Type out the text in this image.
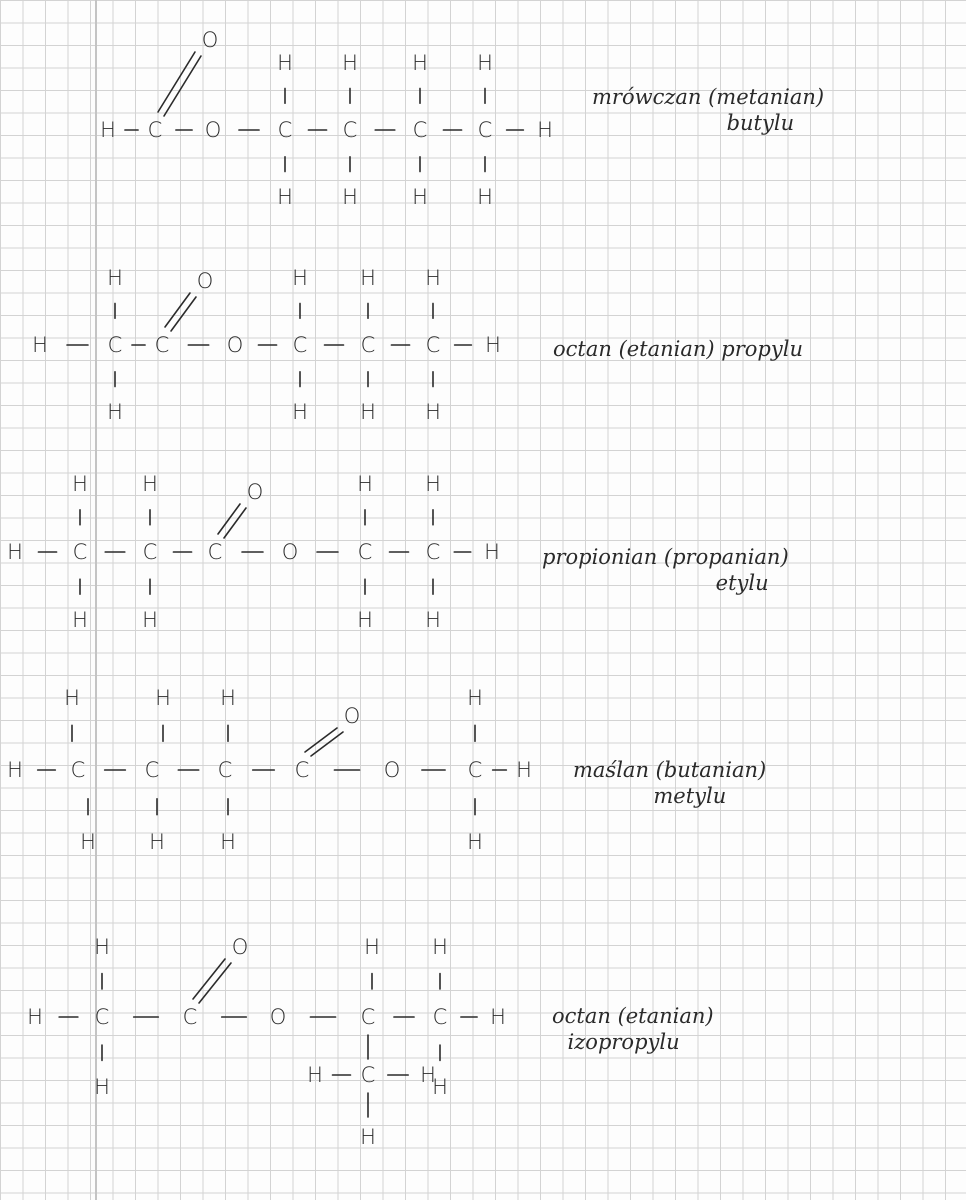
H C O	C C	C C H
H H	H H
H H	H H
O
mrówczan (metanian)
butylu
H	C C	O C	C C H
H	H H H
H	H H H
O
octan (etanian) propylu
H C	C C	O	C	C H
H	H	H H
H	H	H H
O
propionian (propanian)
etylu
H C	C	C	C	O	C H
H	H H	H
H	H	H	H
O
maślan (butanian)
metylu
H C	C	O	C	C H
H	H H
H	H
O
H C H
H
octan (etanian)
izopropylu
